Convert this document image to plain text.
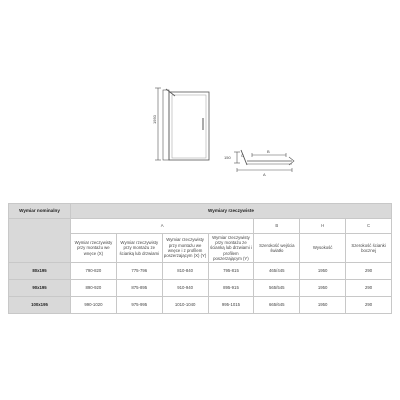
1950
150
B
C
A
Wymiar nominalny	Wymiary rzeczywiste						
	A				B	H	C
	Wymiar rzeczywisty przy montażu we wnęce (X)	Wymiar rzeczywisty przy montażu ze ścianką lub drzwiami	Wymiar rzeczywisty przy montażu we wnęce i z profilem poszerzającym (X) (Y)	Wymiar rzeczywisty przy montażu ze ścianką lub drzwiami i profilem poszerzającym (Y)	Szerokość wejścia światło	Wysokość	Szerokość ścianki bocznej
80x195	790-820	775-796	810-840	795-815	465/445	1950	290
90x195	890-920	875-895	910-940	895-915	565/545	1950	290
100x195	990-1020	975-995	1010-1040	995-1015	665/645	1950	290
